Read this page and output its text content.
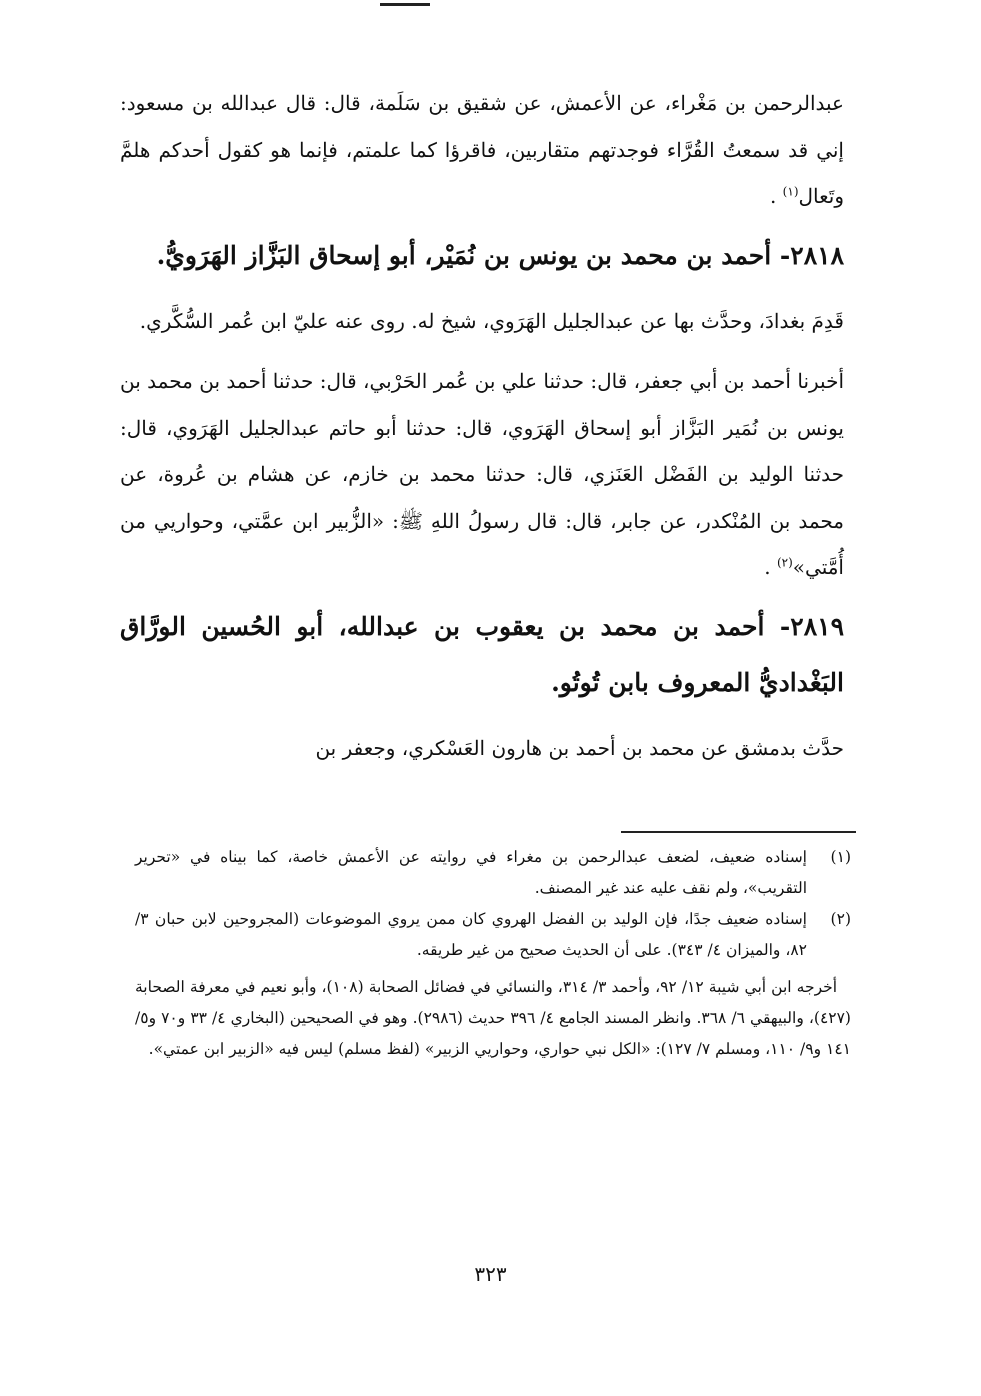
عبدالرحمن بن مَغْراء، عن الأعمش، عن شقيق بن سَلَمة، قال: قال عبدالله بن مسعود: إني قد سمعتُ القُرَّاء فوجدتهم متقاربين، فاقرؤا كما علمتم، فإنما هو كقول أحدكم هلمَّ وتَعال$^{(١)}$ .

٢٨١٨- أحمد بن محمد بن يونس بن نُمَيْر، أبو إسحاق البَزَّاز الهَرَويُّ.

قَدِمَ بغدادَ، وحدَّث بها عن عبدالجليل الهَرَوي، شيخ له. روى عنه عليّ ابن عُمر السُّكَّري.

أخبرنا أحمد بن أبي جعفر، قال: حدثنا علي بن عُمر الحَرْبي، قال: حدثنا أحمد بن محمد بن يونس بن نُمَير البَزَّاز أبو إسحاق الهَرَوي، قال: حدثنا أبو حاتم عبدالجليل الهَرَوي، قال: حدثنا الوليد بن الفَضْل العَنَزي، قال: حدثنا محمد بن خازم، عن هشام بن عُروة، عن محمد بن المُنْكدر، عن جابر، قال: قال رسولُ اللهِ ﷺ: «الزُّبير ابن عمَّتي، وحواريي من أُمَّتي»$^{(٢)}$ .

٢٨١٩- أحمد بن محمد بن يعقوب بن عبدالله، أبو الحُسين الورَّاق البَغْداديُّ المعروف بابن تُوتُو.

حدَّث بدمشق عن محمد بن أحمد بن هارون العَسْكري، وجعفر بن

(١)
إسناده ضعيف، لضعف عبدالرحمن بن مغراء في روايته عن الأعمش خاصة، كما بيناه في «تحرير التقريب»، ولم نقف عليه عند غير المصنف.
(٢)
إسناده ضعيف جدًا، فإن الوليد بن الفضل الهروي كان ممن يروي الموضوعات (المجروحين لابن حبان ٣/ ٨٢، والميزان ٤/ ٣٤٣). على أن الحديث صحيح من غير طريقه.

أخرجه ابن أبي شيبة ١٢/ ٩٢، وأحمد ٣/ ٣١٤، والنسائي في فضائل الصحابة (١٠٨)، وأبو نعيم في معرفة الصحابة (٤٢٧)، والبيهقي ٦/ ٣٦٨. وانظر المسند الجامع ٤/ ٣٩٦ حديث (٢٩٨٦). وهو في الصحيحين (البخاري ٤/ ٣٣ و٧٠ و٥/ ١٤١ و٩/ ١١٠، ومسلم ٧/ ١٢٧): «الكل نبي حواري، وحواريي الزبير» (لفظ مسلم) ليس فيه «الزبير ابن عمتي».

٣٢٣
